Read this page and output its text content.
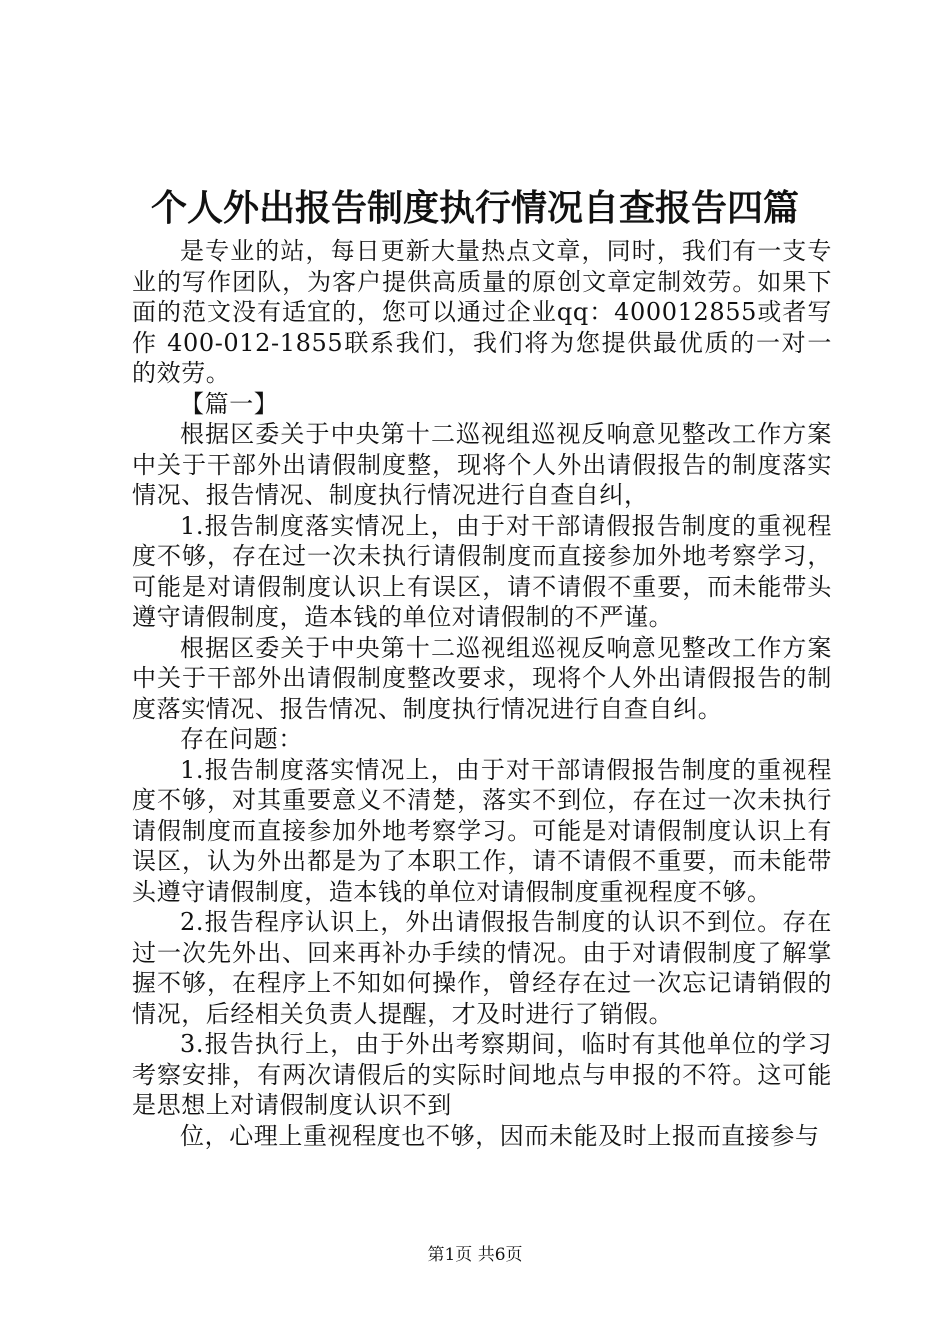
个人外出报告制度执行情况自查报告四篇

是专业的站，每日更新大量热点文章，同时，我们有一支专业的写作团队，为客户提供高质量的原创文章定制效劳。如果下面的范文没有适宜的，您可以通过企业qq：400012855或者写作 400-012-1855联系我们，我们将为您提供最优质的一对一的效劳。

【篇一】

根据区委关于中央第十二巡视组巡视反响意见整改工作方案中关于干部外出请假制度整，现将个人外出请假报告的制度落实情况、报告情况、制度执行情况进行自查自纠，

1.报告制度落实情况上，由于对干部请假报告制度的重视程度不够，存在过一次未执行请假制度而直接参加外地考察学习，可能是对请假制度认识上有误区，请不请假不重要，而未能带头遵守请假制度，造本钱的单位对请假制的不严谨。

根据区委关于中央第十二巡视组巡视反响意见整改工作方案中关于干部外出请假制度整改要求，现将个人外出请假报告的制度落实情况、报告情况、制度执行情况进行自查自纠。

存在问题：

1.报告制度落实情况上，由于对干部请假报告制度的重视程度不够，对其重要意义不清楚，落实不到位，存在过一次未执行请假制度而直接参加外地考察学习。可能是对请假制度认识上有误区，认为外出都是为了本职工作，请不请假不重要，而未能带头遵守请假制度，造本钱的单位对请假制度重视程度不够。

2.报告程序认识上，外出请假报告制度的认识不到位。存在过一次先外出、回来再补办手续的情况。由于对请假制度了解掌握不够，在程序上不知如何操作，曾经存在过一次忘记请销假的情况，后经相关负责人提醒，才及时进行了销假。

3.报告执行上，由于外出考察期间，临时有其他单位的学习考察安排，有两次请假后的实际时间地点与申报的不符。这可能是思想上对请假制度认识不到

位，心理上重视程度也不够，因而未能及时上报而直接参与

第1页 共6页
